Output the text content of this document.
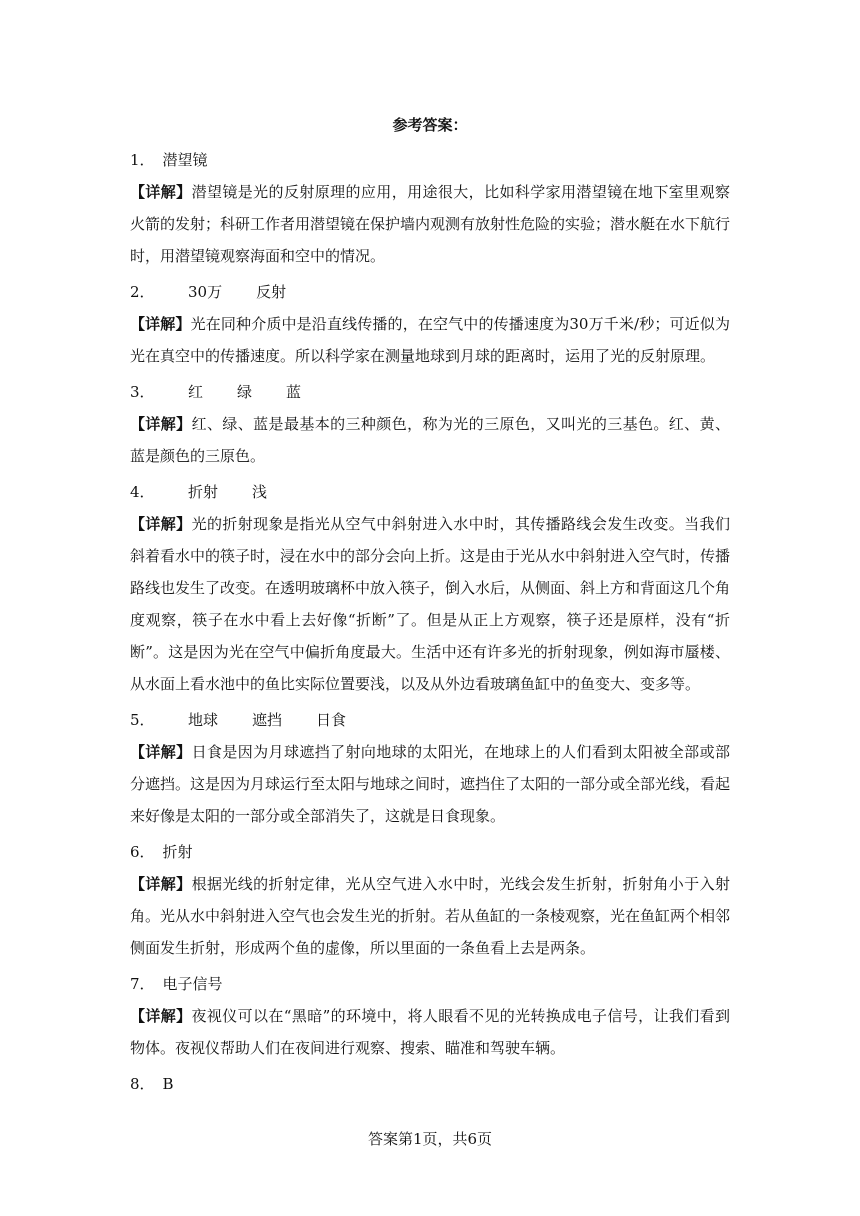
参考答案：
1． 潜望镜
【详解】潜望镜是光的反射原理的应用，用途很大，比如科学家用潜望镜在地下室里观察火箭的发射；科研工作者用潜望镜在保护墙内观测有放射性危险的实验；潜水艇在水下航行时，用潜望镜观察海面和空中的情况。
2． 30万 反射
【详解】光在同种介质中是沿直线传播的，在空气中的传播速度为30万千米/秒；可近似为光在真空中的传播速度。所以科学家在测量地球到月球的距离时，运用了光的反射原理。
3． 红 绿 蓝
【详解】红、绿、蓝是最基本的三种颜色，称为光的三原色，又叫光的三基色。红、黄、蓝是颜色的三原色。
4． 折射 浅
【详解】光的折射现象是指光从空气中斜射进入水中时，其传播路线会发生改变。当我们斜着看水中的筷子时，浸在水中的部分会向上折。这是由于光从水中斜射进入空气时，传播路线也发生了改变。在透明玻璃杯中放入筷子，倒入水后，从侧面、斜上方和背面这几个角度观察，筷子在水中看上去好像“折断”了。但是从正上方观察，筷子还是原样，没有“折断”。这是因为光在空气中偏折角度最大。生活中还有许多光的折射现象，例如海市蜃楼、从水面上看水池中的鱼比实际位置要浅，以及从外边看玻璃鱼缸中的鱼变大、变多等。
5． 地球 遮挡 日食
【详解】日食是因为月球遮挡了射向地球的太阳光，在地球上的人们看到太阳被全部或部分遮挡。这是因为月球运行至太阳与地球之间时，遮挡住了太阳的一部分或全部光线，看起来好像是太阳的一部分或全部消失了，这就是日食现象。
6． 折射
【详解】根据光线的折射定律，光从空气进入水中时，光线会发生折射，折射角小于入射角。光从水中斜射进入空气也会发生光的折射。若从鱼缸的一条棱观察，光在鱼缸两个相邻侧面发生折射，形成两个鱼的虚像，所以里面的一条鱼看上去是两条。
7． 电子信号
【详解】夜视仪可以在“黑暗”的环境中，将人眼看不见的光转换成电子信号，让我们看到物体。夜视仪帮助人们在夜间进行观察、搜索、瞄准和驾驶车辆。
8． B
答案第1页，共6页
